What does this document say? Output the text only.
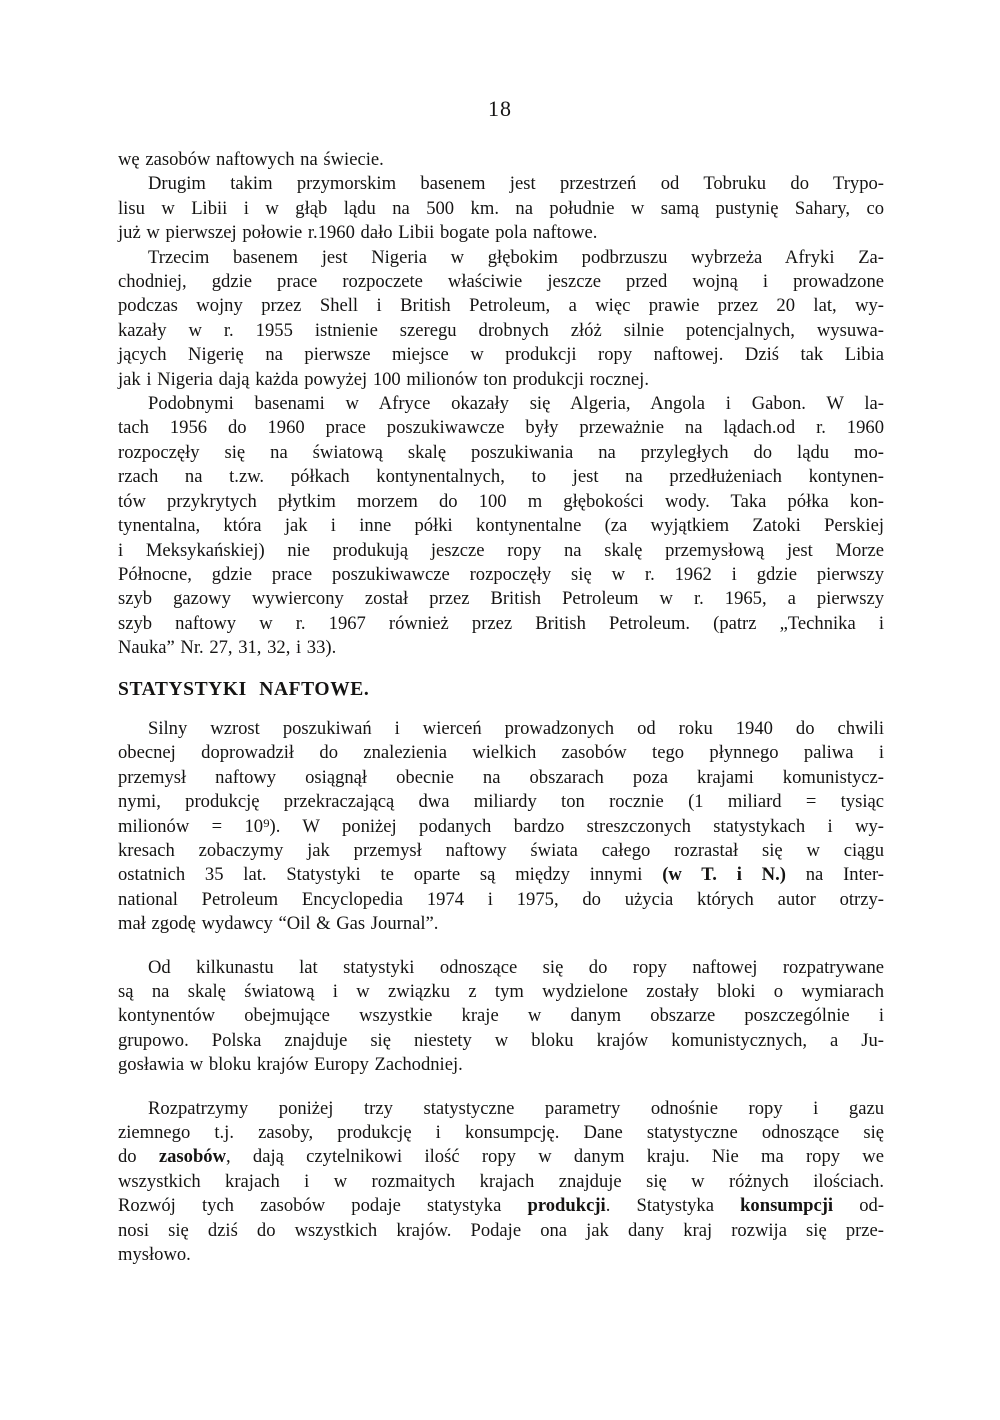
18
wę zasobów naftowych na świecie.
Drugim takim przymorskim basenem jest przestrzeń od Tobruku do Trypo-
lisu w Libii i w głąb lądu na 500 km. na południe w samą pustynię Sahary, co
już w pierwszej połowie r.1960 dało Libii bogate pola naftowe.
Trzecim basenem jest Nigeria w głębokim podbrzuszu wybrzeża Afryki Za-
chodniej, gdzie prace rozpoczete właściwie jeszcze przed wojną i prowadzone
podczas wojny przez Shell i British Petroleum, a więc prawie przez 20 lat, wy-
kazały w r. 1955 istnienie szeregu drobnych złóż silnie potencjalnych, wysuwa-
jących Nigerię na pierwsze miejsce w produkcji ropy naftowej. Dziś tak Libia
jak i Nigeria dają każda powyżej 100 milionów ton produkcji rocznej.
Podobnymi basenami w Afryce okazały się Algeria, Angola i Gabon. W la-
tach 1956 do 1960 prace poszukiwawcze były przeważnie na lądach.od r. 1960
rozpoczęły się na światową skalę poszukiwania na przyległych do lądu mo-
rzach na t.zw. półkach kontynentalnych, to jest na przedłużeniach kontynen-
tów przykrytych płytkim morzem do 100 m głębokości wody. Taka półka kon-
tynentalna, która jak i inne półki kontynentalne (za wyjątkiem Zatoki Perskiej
i Meksykańskiej) nie produkują jeszcze ropy na skalę przemysłową jest Morze
Północne, gdzie prace poszukiwawcze rozpoczęły się w r. 1962 i gdzie pierwszy
szyb gazowy wywiercony został przez British Petroleum w r. 1965, a pierwszy
szyb naftowy w r. 1967 również przez British Petroleum. (patrz „Technika i
Nauka” Nr. 27, 31, 32, i 33).
STATYSTYKI NAFTOWE.
Silny wzrost poszukiwań i wierceń prowadzonych od roku 1940 do chwili
obecnej doprowadził do znalezienia wielkich zasobów tego płynnego paliwa i
przemysł naftowy osiągnął obecnie na obszarach poza krajami komunistycz-
nymi, produkcję przekraczającą dwa miliardy ton rocznie (1 miliard = tysiąc
milionów = 10⁹). W poniżej podanych bardzo streszczonych statystykach i wy-
kresach zobaczymy jak przemysł naftowy świata całego rozrastał się w ciągu
ostatnich 35 lat. Statystyki te oparte są między innymi (w T. i N.) na Inter-
national Petroleum Encyclopedia 1974 i 1975, do użycia których autor otrzy-
mał zgodę wydawcy “Oil & Gas Journal”.
Od kilkunastu lat statystyki odnoszące się do ropy naftowej rozpatrywane
są na skalę światową i w związku z tym wydzielone zostały bloki o wymiarach
kontynentów obejmujące wszystkie kraje w danym obszarze poszczególnie i
grupowo. Polska znajduje się niestety w bloku krajów komunistycznych, a Ju-
gosławia w bloku krajów Europy Zachodniej.
Rozpatrzymy poniżej trzy statystyczne parametry odnośnie ropy i gazu
ziemnego t.j. zasoby, produkcję i konsumpcję. Dane statystyczne odnoszące się
do zasobów, dają czytelnikowi ilość ropy w danym kraju. Nie ma ropy we
wszystkich krajach i w rozmaitych krajach znajduje się w różnych ilościach.
Rozwój tych zasobów podaje statystyka produkcji. Statystyka konsumpcji od-
nosi się dziś do wszystkich krajów. Podaje ona jak dany kraj rozwija się prze-
mysłowo.
